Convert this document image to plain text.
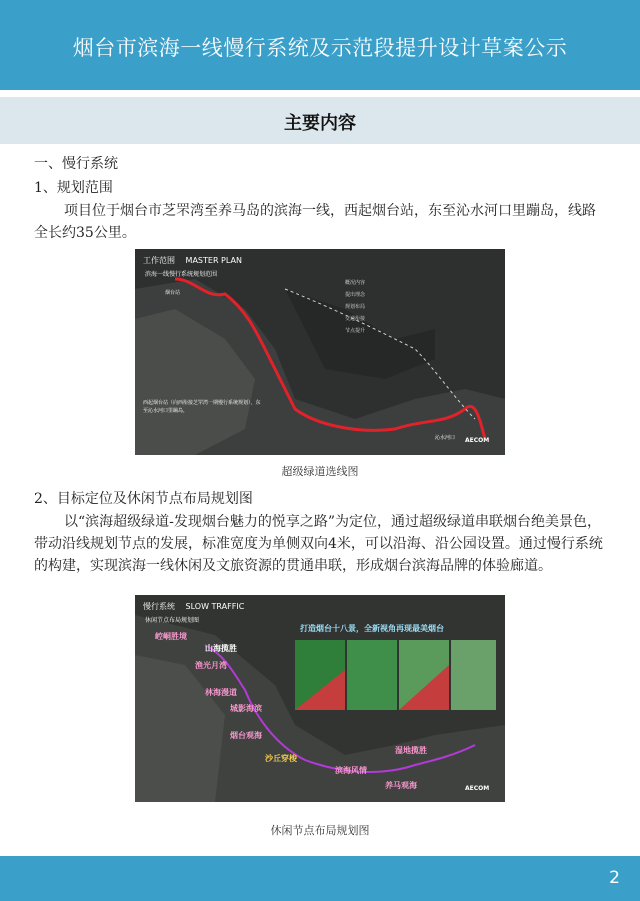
烟台市滨海一线慢行系统及示范段提升设计草案公示
主要内容
一、慢行系统
1、规划范围
项目位于烟台市芝罘湾至养马岛的滨海一线，西起烟台站，东至沁水河口里蹦岛，线路全长约35公里。
工作范围 MASTER PLAN
滨海一线慢行系统规划范围
烟台站
沁水河口
概况内容
提出理念
规划布局
交通衔接
节点提升
西起烟台站（向西衔接芝罘湾一期慢行系统规划），东至沁水河口里蹦岛，
AECOM
超级绿道选线图
2、目标定位及休闲节点布局规划图
以“滨海超级绿道-发现烟台魅力的悦享之路”为定位，通过超级绿道串联烟台绝美景色，带动沿线规划节点的发展，标准宽度为单侧双向4米，可以沿海、沿公园设置。通过慢行系统的构建，实现滨海一线休闲及文旅资源的贯通串联，形成烟台滨海品牌的体验廊道。
慢行系统 SLOW TRAFFIC
休闲节点布局规划图
打造烟台十八景，全新视角再现最美烟台
崆峒胜境
山海揽胜
渔光月湾
林海漫道
城影海滨
烟台观海
沙丘穿梭
滨海风情
湿地揽胜
养马观海	AECOM
休闲节点布局规划图
2
